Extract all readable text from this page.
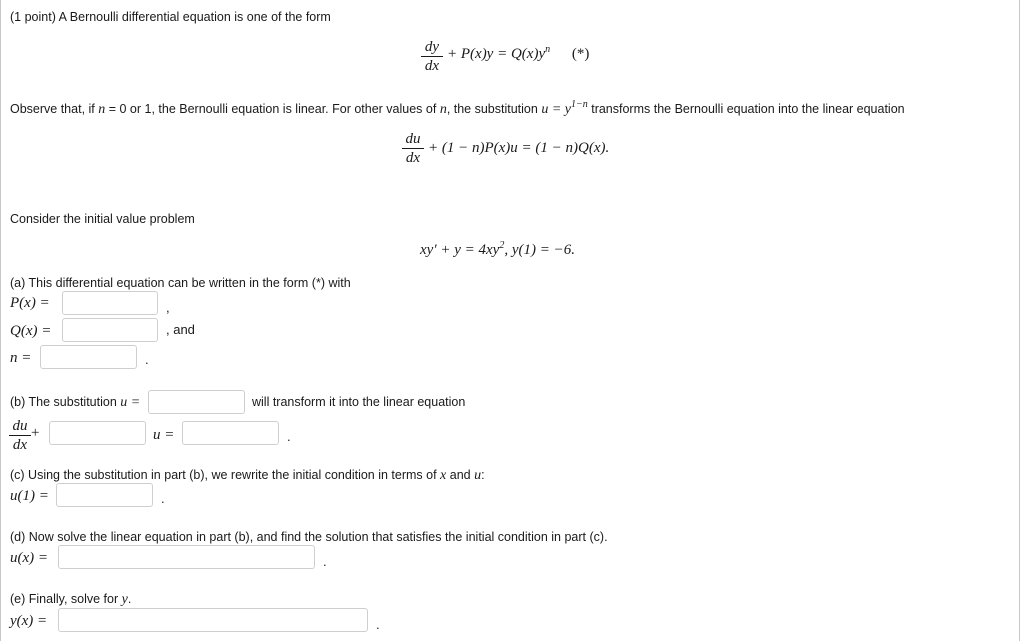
(1 point) A Bernoulli differential equation is one of the form
$\frac{dy}{dx} + P(x)y = Q(x)y^n$ (*)
Observe that, if n = 0 or 1, the Bernoulli equation is linear. For other values of n, the substitution $u = y^{1-n}$ transforms the Bernoulli equation into the linear equation
$\frac{du}{dx} + (1 - n)P(x)u = (1 - n)Q(x)$.
Consider the initial value problem
$xy' + y = 4xy^2$, y(1) = −6.
(a) This differential equation can be written in the form (*) with
P(x) =	,
Q(x) =	, and
n =	.
(b) The substitution u =	will transform it into the linear equation
$\frac{du}{dx}$ +	u =	.
(c) Using the substitution in part (b), we rewrite the initial condition in terms of x and u:
u(1) =	.
(d) Now solve the linear equation in part (b), and find the solution that satisfies the initial condition in part (c).
u(x) =	.
(e) Finally, solve for y.
y(x) =	.
